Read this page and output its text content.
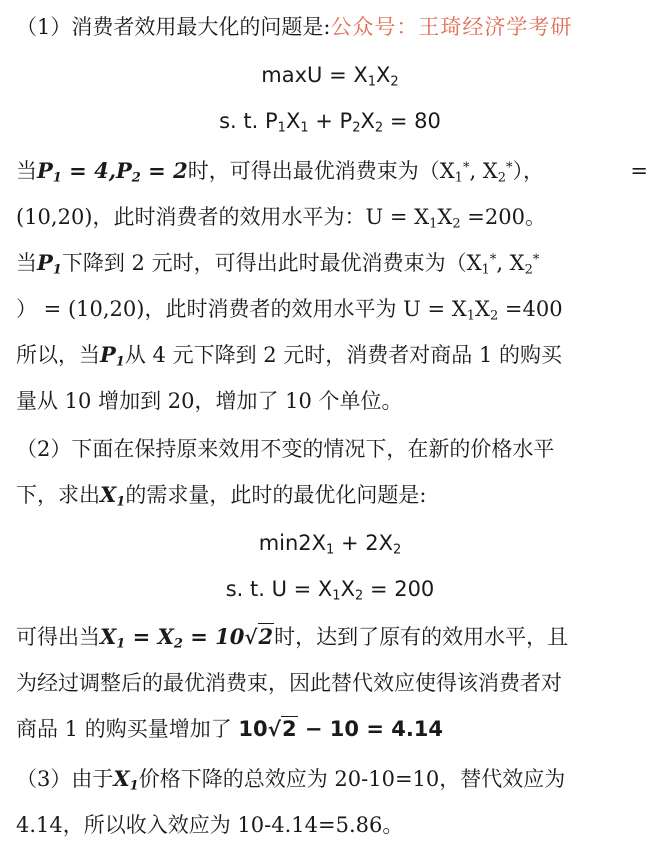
（1）消费者效用最大化的问题是:公众号：王琦经济学考研
$\max U = X_1X_2$
s. t. $P_1X_1 + P_2X_2 = 80$
当$P_1 = 4,P_2 = 2$时，可得出最优消费束为（$X_1^*$, $X_2^*$），	=
(10,20)，此时消费者的效用水平为：$U = X_1X_2 =200$。
当$P_1$下降到 2 元时，可得出此时最优消费束为（$X_1^*$, $X_2^*$
） = (10,20)，此时消费者的效用水平为 $U = X_1X_2 =400$
所以，当$P_1$从 4 元下降到 2 元时，消费者对商品 1 的购买
量从 10 增加到 20，增加了 10 个单位。
（2）下面在保持原来效用不变的情况下，在新的价格水平
下，求出$X_1$的需求量，此时的最优化问题是:
$\min 2X_1 + 2X_2$
s. t. $U = X_1X_2 = 200$
可得出当$X_1 = X_2 = 10√2$时，达到了原有的效用水平，且
为经过调整后的最优消费束，因此替代效应使得该消费者对
商品 1 的购买量增加了 10√2 − 10 = 4.14
（3）由于$X_1$价格下降的总效应为 20-10=10，替代效应为
4.14，所以收入效应为 10-4.14=5.86。
